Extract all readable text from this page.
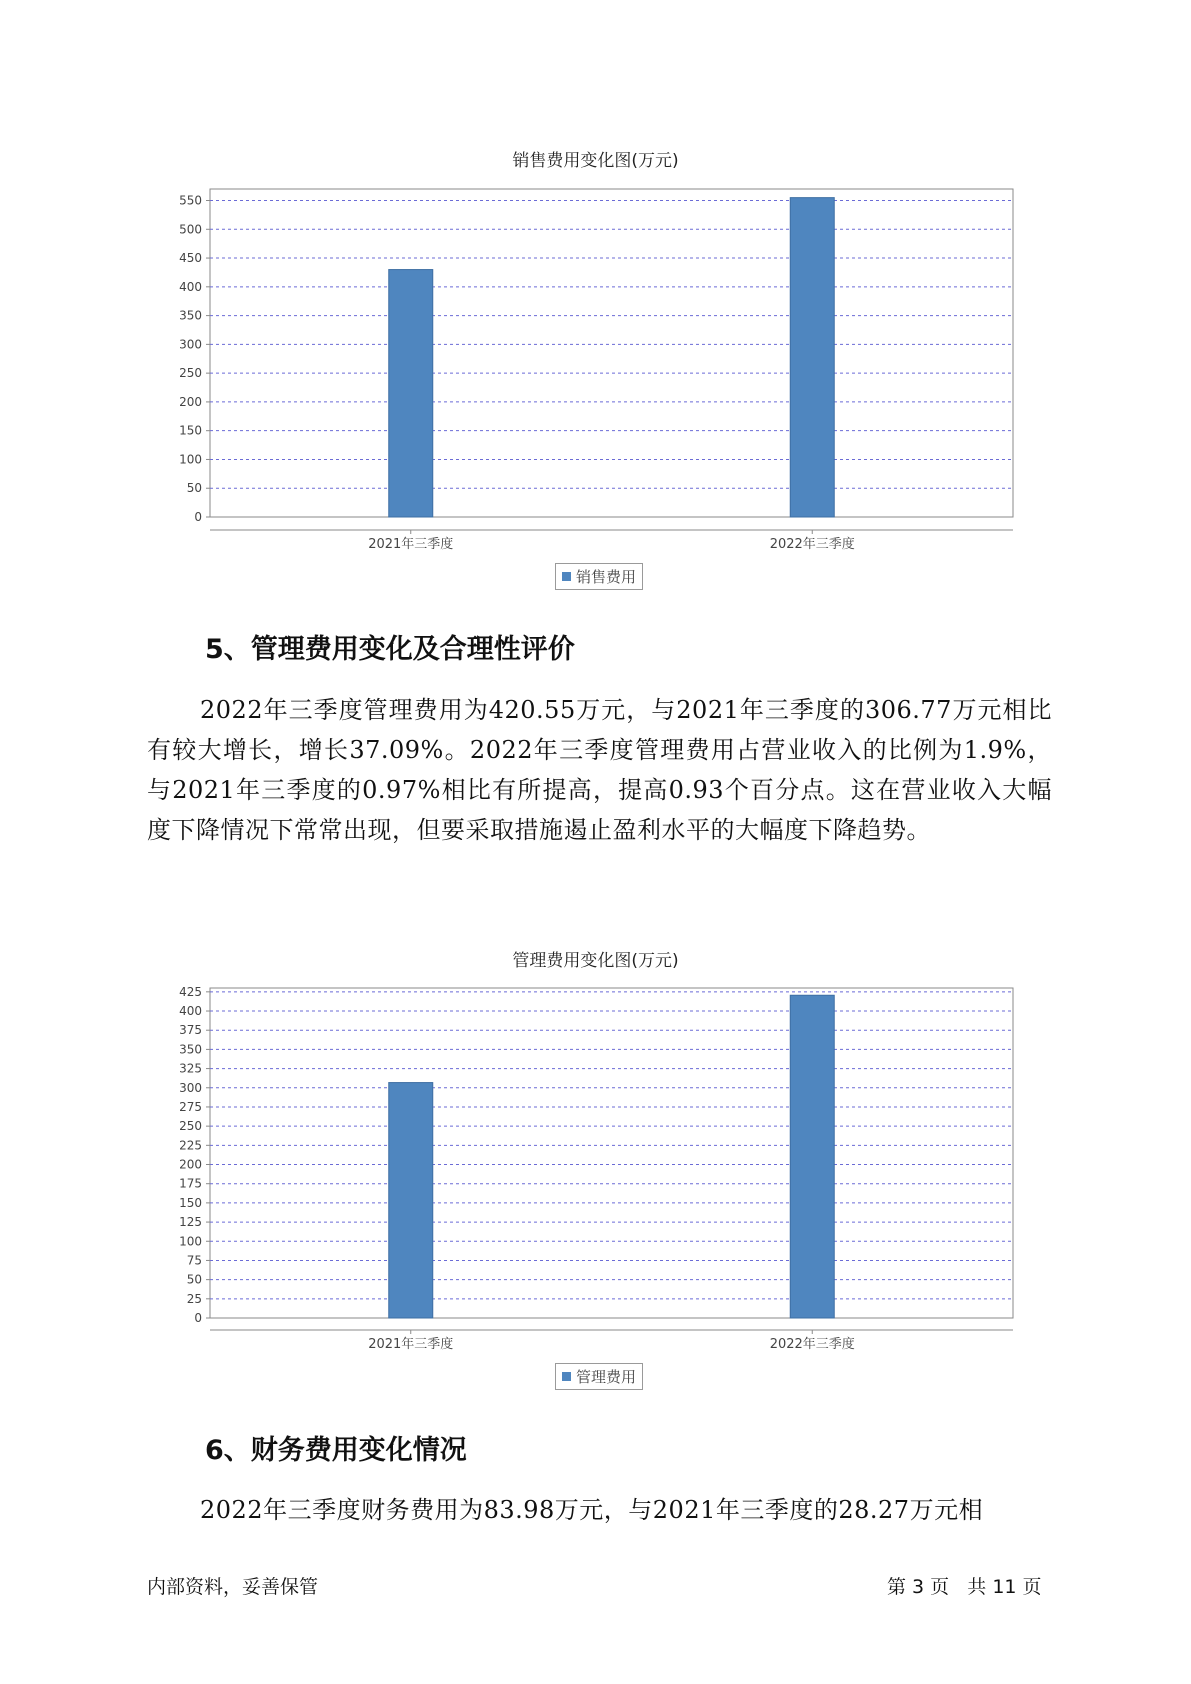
销售费用变化图(万元)
0
50
100
150
200
250
300
350
400
450
500
550
2021年三季度	2022年三季度
销售费用
5、管理费用变化及合理性评价

2022年三季度管理费用为420.55万元，与2021年三季度的306.77万元相比有较大增长，增长37.09%。2022年三季度管理费用占营业收入的比例为1.9%，与2021年三季度的0.97%相比有所提高，提高0.93个百分点。这在营业收入大幅度下降情况下常常出现，但要采取措施遏止盈利水平的大幅度下降趋势。

管理费用变化图(万元)
0
25
50
75
100
125
150
175
200
225
250
275
300
325
350
375
400
425
2021年三季度	2022年三季度
管理费用
6、财务费用变化情况

2022年三季度财务费用为83.98万元，与2021年三季度的28.27万元相

内部资料，妥善保管	第 3 页   共 11 页
